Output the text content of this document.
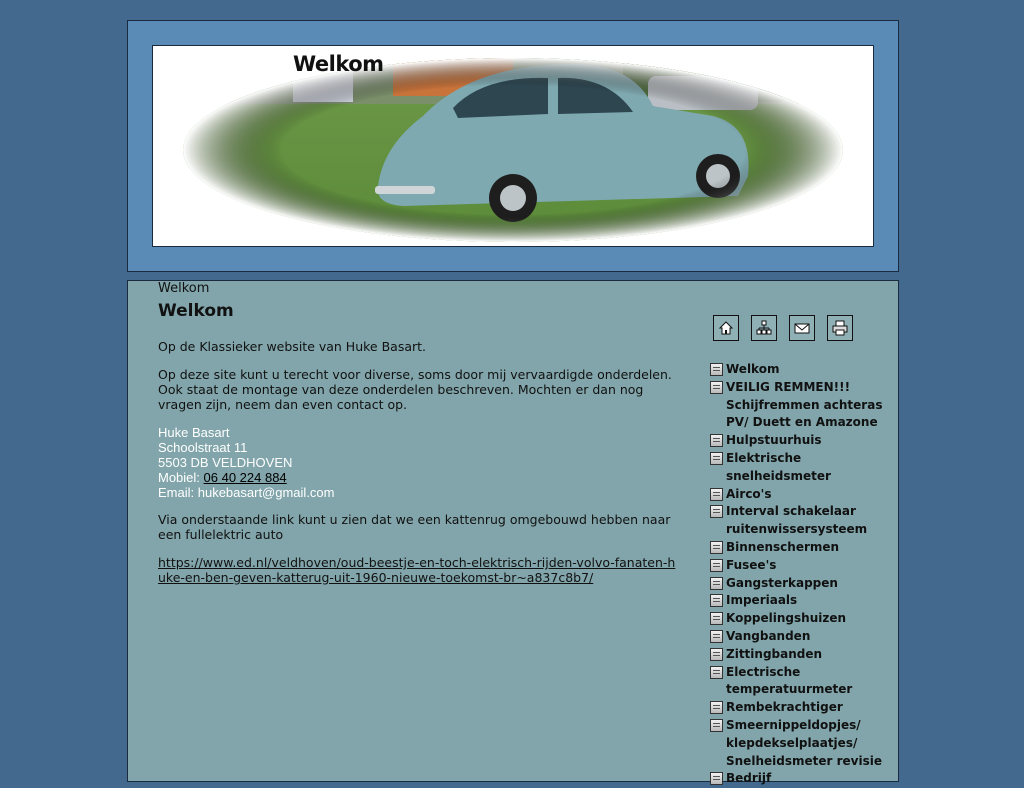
Welkom
Welkom
Welkom

Op de Klassieker website van Huke Basart.

Op deze site kunt u terecht voor diverse, soms door mij vervaardigde onderdelen. Ook staat de montage van deze onderdelen beschreven. Mochten er dan nog vragen zijn, neem dan even contact op.

Huke Basart
Schoolstraat 11
5503 DB VELDHOVEN
Mobiel: 06 40 224 884
Email: hukebasart@gmail.com

Via onderstaande link kunt u zien dat we een kattenrug omgebouwd hebben naar een fullelektric auto

https://www.ed.nl/veldhoven/oud-beestje-en-toch-elektrisch-rijden-volvo-fanaten-huke-en-ben-geven-katterug-uit-1960-nieuwe-toekomst-br~a837c8b7/

Welkom
VEILIG REMMEN!!! Schijfremmen achteras PV/ Duett en Amazone
Hulpstuurhuis
Elektrische snelheidsmeter
Airco's
Interval schakelaar ruitenwissersysteem
Binnenschermen
Fusee's
Gangsterkappen
Imperiaals
Koppelingshuizen
Vangbanden
Zittingbanden
Electrische temperatuurmeter
Rembekrachtiger
Smeernippeldopjes/ klepdekselplaatjes/ Snelheidsmeter revisie
Bedrijf
